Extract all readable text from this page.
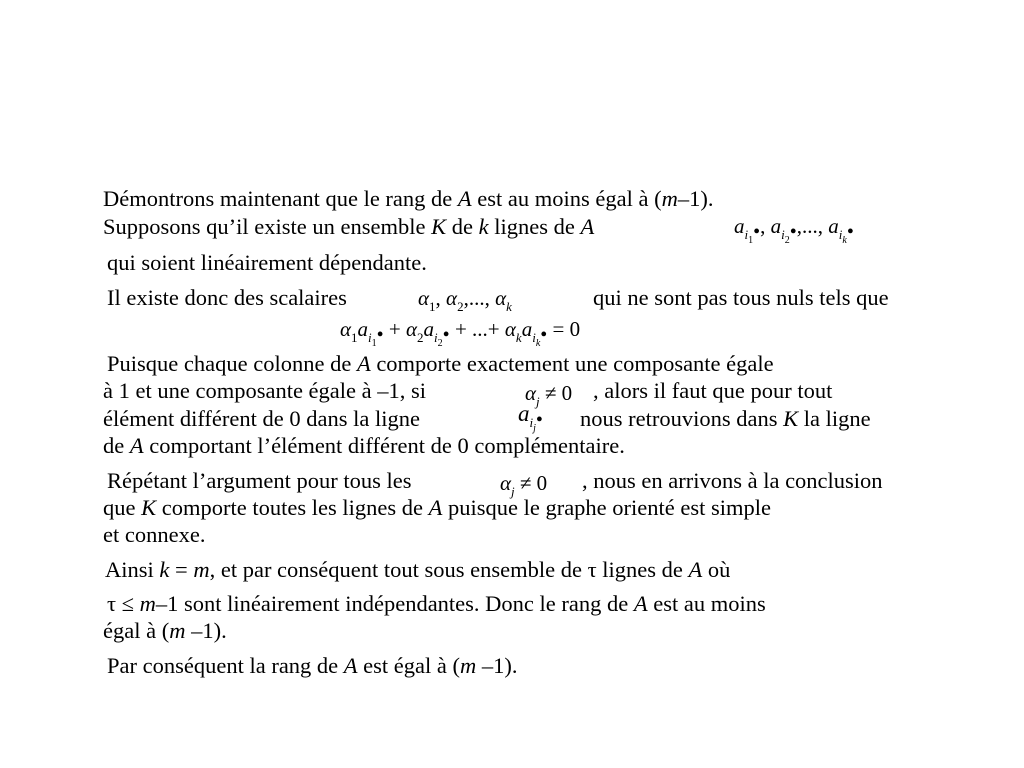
Démontrons maintenant que le rang de A est au moins égal à (m–1).
Supposons qu’il existe un ensemble K de k lignes de A	$a_{i_1}•$, $a_{i_2}•$,..., $a_{i_k}•$
qui soient linéairement dépendante.
Il existe donc des scalaires	$\alpha_1$, $\alpha_2$,..., $\alpha_k$	qui ne sont pas tous nuls tels que
$\alpha_1a_{i_1}•$ + $\alpha_2a_{i_2}•$ + ...+ $\alpha_ka_{i_k}• = 0$
Puisque chaque colonne de A comporte exactement une composante égale
à 1 et une composante égale à –1, si	$\alpha_j \ne 0$ , alors il faut que pour tout
élément différent de 0 dans la ligne	$a_{i_j}•$ nous retrouvions dans K la ligne
de A comportant l’élément différent de 0 complémentaire.
Répétant l’argument pour tous les	$\alpha_j \ne 0$ , nous en arrivons à la conclusion
que K comporte toutes les lignes de A puisque le graphe orienté est simple
et connexe.
Ainsi k = m, et par conséquent tout sous ensemble de τ lignes de A où
τ ≤ m–1 sont linéairement indépendantes. Donc le rang de A est au moins
égal à (m –1).
Par conséquent la rang de A est égal à (m –1).
